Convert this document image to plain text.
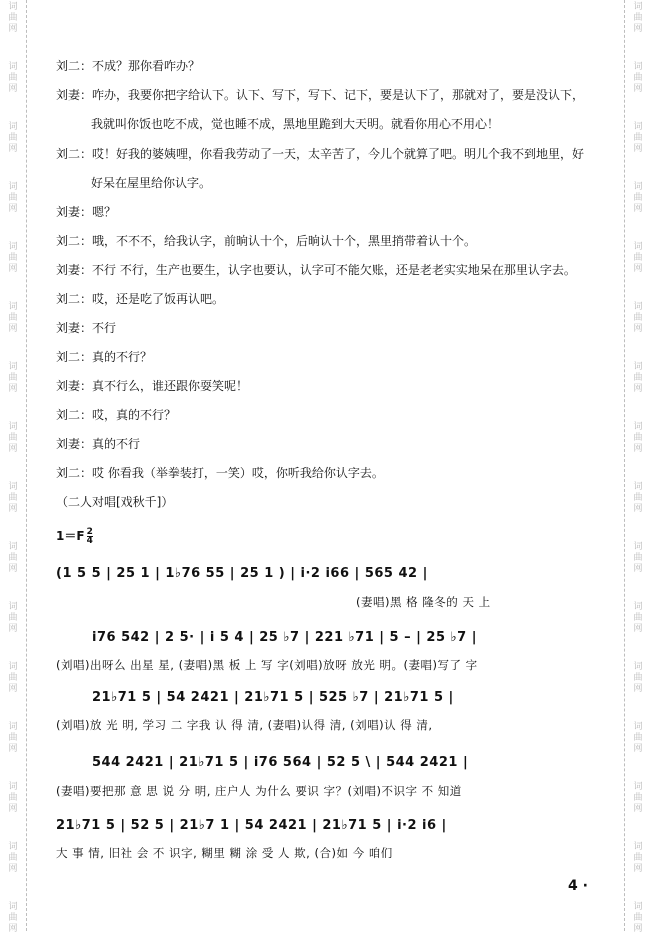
词
曲
网
词
曲
网
词
曲
网
词
曲
网
词
曲
网
词
曲
网
词
曲
网
词
曲
网
词
曲
网
词
曲
网
词
曲
网
词
曲
网
词
曲
网
词
曲
网
词
曲
网
词
曲
网
词
曲
网
词
曲
网
词
曲
网
词
曲
网
词
曲
网
词
曲
网
词
曲
网
词
曲
网
词
曲
网
词
曲
网
词
曲
网
词
曲
网
词
曲
网
词
曲
网
词
曲
网
词
曲
网
刘二：不成？那你看咋办？
刘妻：咋办，我要你把字给认下。认下、写下，写下、记下，要是认下了，那就对了，要是没认下，
我就叫你饭也吃不成，觉也睡不成，黑地里跪到大天明。就看你用心不用心！
刘二：哎！好我的婆姨哩，你看我劳动了一天，太辛苦了，今儿个就算了吧。明儿个我不到地里，好
好呆在屋里给你认字。
刘妻：嗯？
刘二：哦，不不不，给我认字，前晌认十个，后晌认十个，黑里捎带着认十个。
刘妻：不行 不行，生产也要生，认字也要认，认字可不能欠账，还是老老实实地呆在那里认字去。
刘二：哎，还是吃了饭再认吧。
刘妻：不行
刘二：真的不行？
刘妻：真不行么，谁还跟你耍笑呢！
刘二：哎，真的不行？
刘妻：真的不行
刘二：哎 你看我（举拳装打，一笑）哎，你听我给你认字去。
（二人对唱[戏秋千]）
$1=F \frac{2}{4}$
(1 5 5 | 25 1 | 1♭76 55 | 25 1 ) | i·2 i66 | 565 42 |
(妻唱)黑 格 隆冬的 天 上
i76 542 | 2 5· | i 5 4 | 25 ♭7 | 221 ♭71 | 5 – | 25 ♭7 |
(刘唱)出呀么 出星 星, (妻唱)黑 板 上 写 字(刘唱)放呀 放光 明。(妻唱)写了 字
21♭71 5 | 54 2421 | 21♭71 5 | 525 ♭7 | 21♭71 5 |
(刘唱)放 光 明, 学习 二 字我 认 得 清, (妻唱)认得 清, (刘唱)认 得 清,
544 2421 | 21♭71 5 | i76 564 | 52 5 \ | 544 2421 |
(妻唱)要把那 意 思 说 分 明, 庄户人 为什么 要识 字？(刘唱)不识字 不 知道
21♭71 5 | 52 5 | 21♭7 1 | 54 2421 | 21♭71 5 | i·2 i6 |
大 事 情, 旧社 会 不 识字, 糊里 糊 涂 受 人 欺, (合)如 今 咱们
4 ·
